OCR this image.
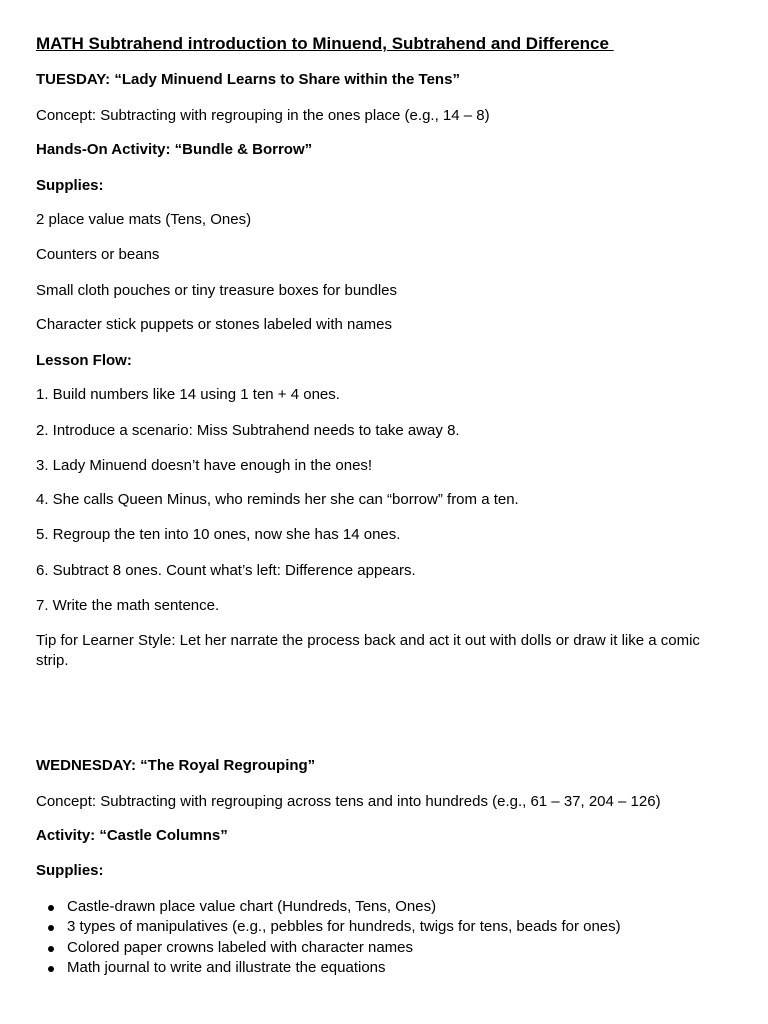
MATH Subtrahend introduction to Minuend, Subtrahend and Difference

TUESDAY: “Lady Minuend Learns to Share within the Tens”

Concept: Subtracting with regrouping in the ones place (e.g., 14 – 8)

Hands-On Activity: “Bundle & Borrow”

Supplies:

2 place value mats (Tens, Ones)

Counters or beans

Small cloth pouches or tiny treasure boxes for bundles

Character stick puppets or stones labeled with names

Lesson Flow:

1. Build numbers like 14 using 1 ten + 4 ones.

2. Introduce a scenario: Miss Subtrahend needs to take away 8.

3. Lady Minuend doesn’t have enough in the ones!

4. She calls Queen Minus, who reminds her she can “borrow” from a ten.

5. Regroup the ten into 10 ones, now she has 14 ones.

6. Subtract 8 ones. Count what’s left: Difference appears.

7. Write the math sentence.

Tip for Learner Style: Let her narrate the process back and act it out with dolls or draw it like a comic strip.

WEDNESDAY: “The Royal Regrouping”

Concept: Subtracting with regrouping across tens and into hundreds (e.g., 61 – 37, 204 – 126)

Activity: “Castle Columns”

Supplies:

Castle-drawn place value chart (Hundreds, Tens, Ones)
3 types of manipulatives (e.g., pebbles for hundreds, twigs for tens, beads for ones)
Colored paper crowns labeled with character names
Math journal to write and illustrate the equations
